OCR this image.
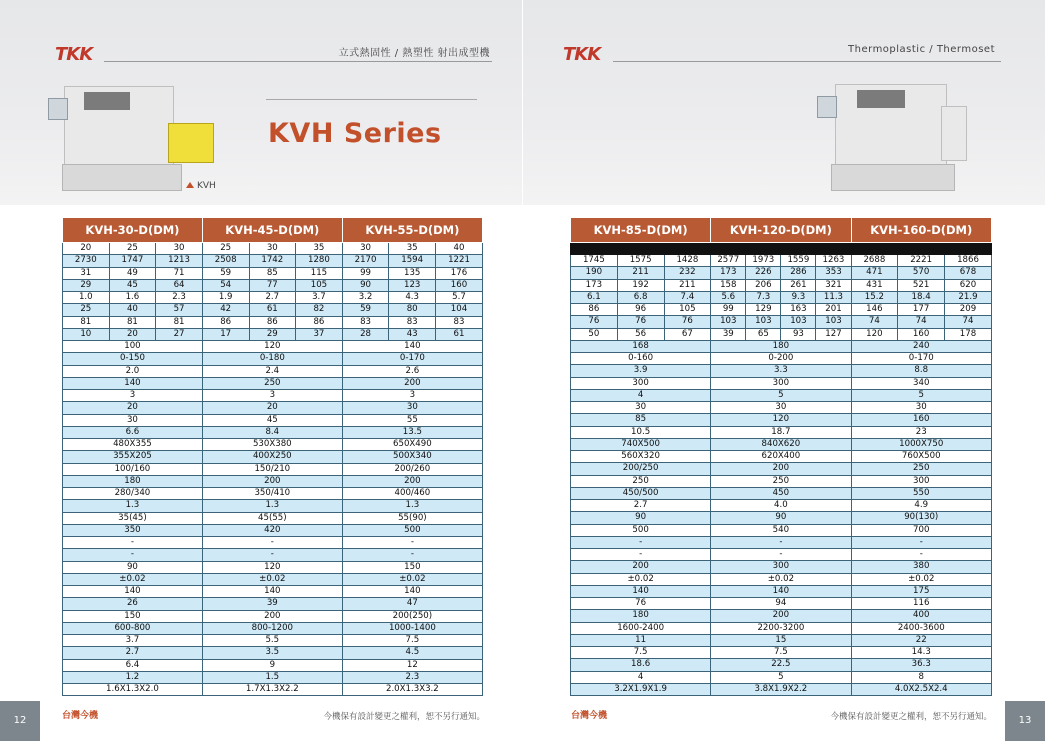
TKK	立式熱固性 / 熱塑性 射出成型機
KVH Series
KVH
KVH-30-D(DM)			KVH-45-D(DM)			KVH-55-D(DM)		
20	25	30	25	30	35	30	35	40
2730	1747	1213	2508	1742	1280	2170	1594	1221
31	49	71	59	85	115	99	135	176
29	45	64	54	77	105	90	123	160
1.0	1.6	2.3	1.9	2.7	3.7	3.2	4.3	5.7
25	40	57	42	61	82	59	80	104
81	81	81	86	86	86	83	83	83
10	20	27	17	29	37	28	43	61
100			120			140		
0-150			0-180			0-170		
2.0			2.4			2.6		
140			250			200		
3			3			3		
20			20			30		
30			45			55		
6.6			8.4			13.5		
480X355			530X380			650X490		
355X205			400X250			500X340		
100/160			150/210			200/260		
180			200			200		
280/340			350/410			400/460		
1.3			1.3			1.3		
35(45)			45(55)			55(90)		
350			420			500		
-			-			-		
-			-			-		
90			120			150		
±0.02			±0.02			±0.02		
140			140			140		
26			39			47		
150			200			200(250)		
600-800			800-1200			1000-1400		
3.7			5.5			7.5		
2.7			3.5			4.5		
6.4			9			12		
1.2			1.5			2.3		
1.6X1.3X2.0			1.7X1.3X2.2			2.0X1.3X3.2		
12	台灣今機	今機保有設計變更之權利，恕不另行通知。
TKK	Thermoplastic / Thermoset
KVH-85-D(DM)			KVH-120-D(DM)				KVH-160-D(DM)		

1745	1575	1428	2577	1973	1559	1263	2688	2221	1866
190	211	232	173	226	286	353	471	570	678
173	192	211	158	206	261	321	431	521	620
6.1	6.8	7.4	5.6	7.3	9.3	11.3	15.2	18.4	21.9
86	96	105	99	129	163	201	146	177	209
76	76	76	103	103	103	103	74	74	74
50	56	67	39	65	93	127	120	160	178
168			180				240		
0-160			0-200				0-170		
3.9			3.3				8.8		
300			300				340		
4			5				5		
30			30				30		
85			120				160		
10.5			18.7				23		
740X500			840X620				1000X750		
560X320			620X400				760X500		
200/250			200				250		
250			250				300		
450/500			450				550		
2.7			4.0				4.9		
90			90				90(130)		
500			540				700		
-			-				-		
-			-				-		
200			300				380		
±0.02			±0.02				±0.02		
140			140				175		
76			94				116		
180			200				400		
1600-2400			2200-3200				2400-3600		
11			15				22		
7.5			7.5				14.3		
18.6			22.5				36.3		
4			5				8		
3.2X1.9X1.9			3.8X1.9X2.2				4.0X2.5X2.4		
13
台灣今機	今機保有設計變更之權利，恕不另行通知。
